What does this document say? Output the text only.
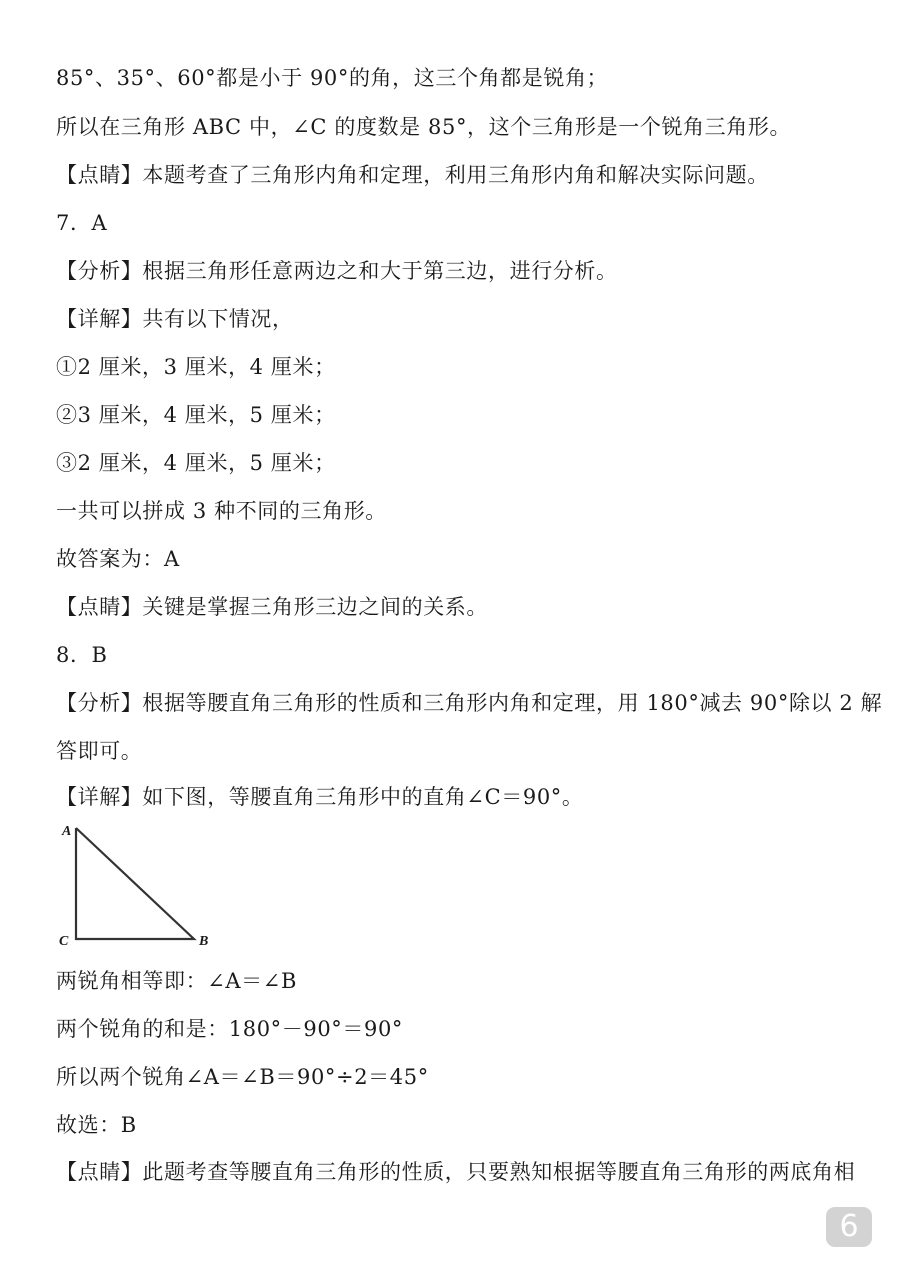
85°、35°、60°都是小于 90°的角，这三个角都是锐角；
所以在三角形 ABC 中，∠C 的度数是 85°，这个三角形是一个锐角三角形。
【点睛】本题考查了三角形内角和定理，利用三角形内角和解决实际问题。
7．A
【分析】根据三角形任意两边之和大于第三边，进行分析。
【详解】共有以下情况，
①2 厘米，3 厘米，4 厘米；
②3 厘米，4 厘米，5 厘米；
③2 厘米，4 厘米，5 厘米；
一共可以拼成 3 种不同的三角形。
故答案为：A
【点睛】关键是掌握三角形三边之间的关系。
8．B
【分析】根据等腰直角三角形的性质和三角形内角和定理，用 180°减去 90°除以 2 解
答即可。
【详解】如下图，等腰直角三角形中的直角∠C＝90°。
A
C	B
两锐角相等即：∠A＝∠B
两个锐角的和是：180°－90°＝90°
所以两个锐角∠A＝∠B＝90°÷2＝45°
故选：B
【点睛】此题考查等腰直角三角形的性质，只要熟知根据等腰直角三角形的两底角相
6
